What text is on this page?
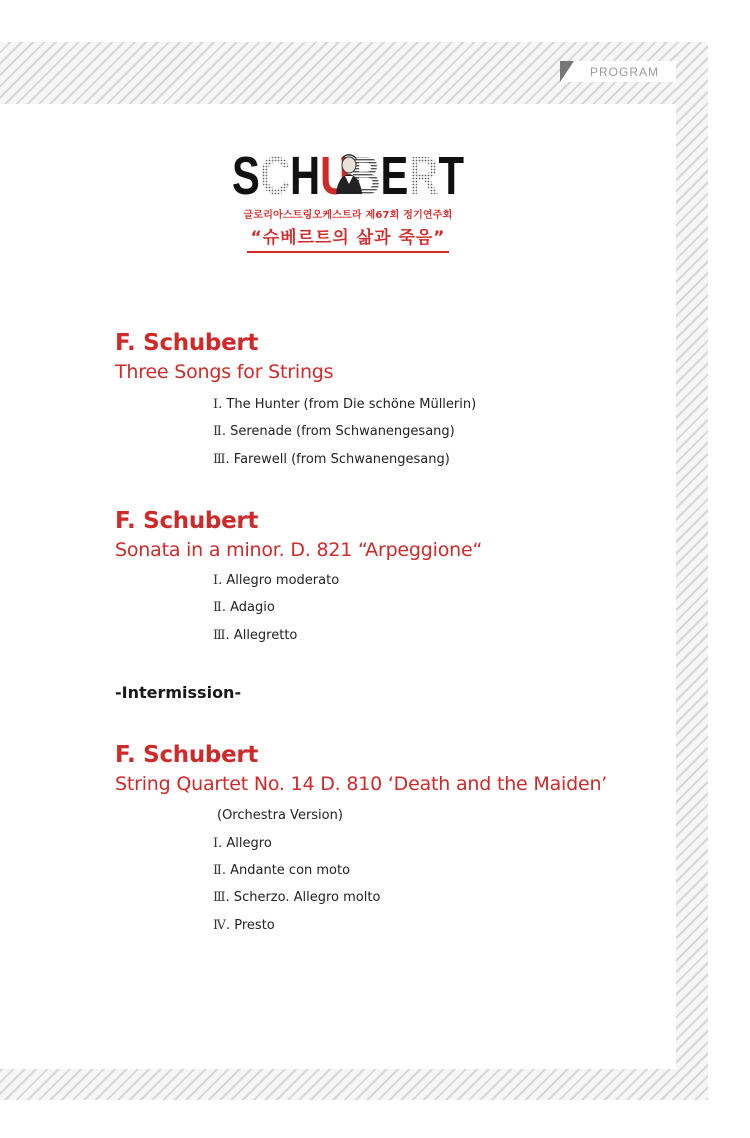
PROGRAM
SCHUBERT
글로리아스트링오케스트라 제67회 정기연주회
“슈베르트의 삶과 죽음”
F. Schubert
Three Songs for Strings
Ⅰ. The Hunter (from Die schöne Müllerin)
Ⅱ. Serenade (from Schwanengesang)
Ⅲ. Farewell (from Schwanengesang)
F. Schubert
Sonata in a minor. D. 821 “Arpeggione“
Ⅰ. Allegro moderato
Ⅱ. Adagio
Ⅲ. Allegretto
-Intermission-
F. Schubert
String Quartet No. 14 D. 810 ‘Death and the Maiden’
(Orchestra Version)
Ⅰ. Allegro
Ⅱ. Andante con moto
Ⅲ. Scherzo. Allegro molto
Ⅳ. Presto
